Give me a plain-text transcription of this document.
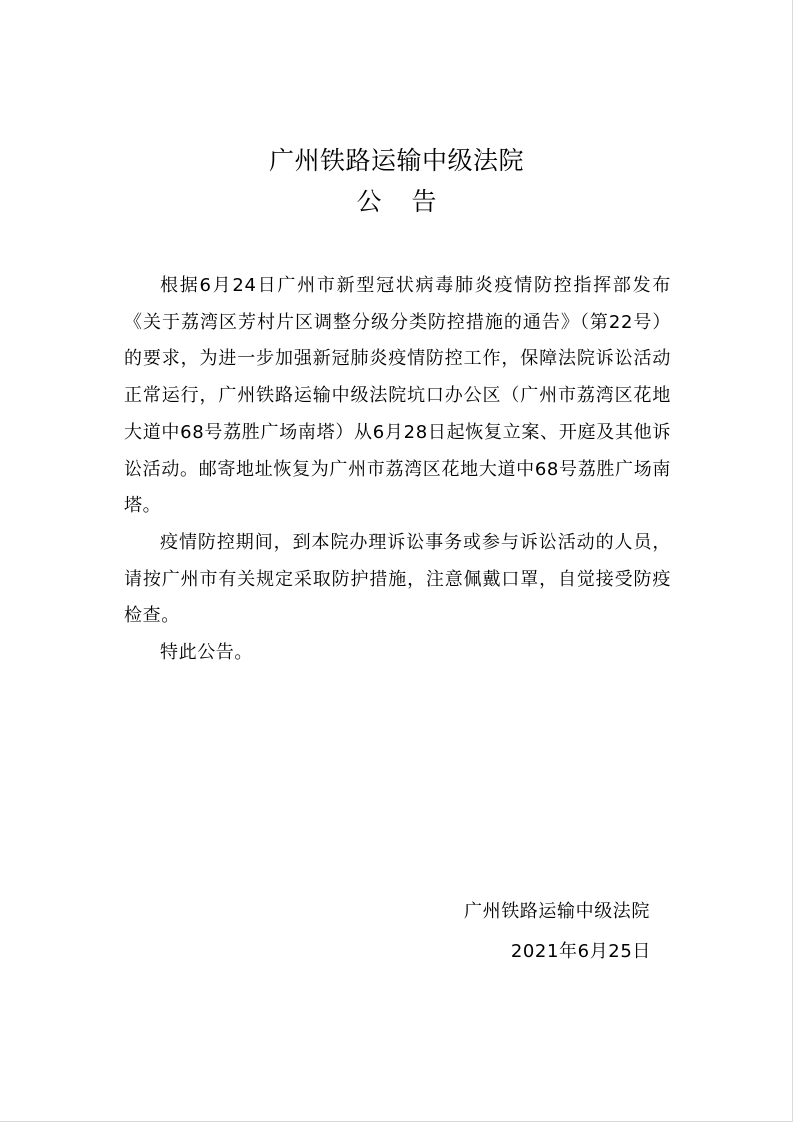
广州铁路运输中级法院
公告

根据6月24日广州市新型冠状病毒肺炎疫情防控指挥部发布《关于荔湾区芳村片区调整分级分类防控措施的通告》（第22号）的要求，为进一步加强新冠肺炎疫情防控工作，保障法院诉讼活动正常运行，广州铁路运输中级法院坑口办公区（广州市荔湾区花地大道中68号荔胜广场南塔）从6月28日起恢复立案、开庭及其他诉讼活动。邮寄地址恢复为广州市荔湾区花地大道中68号荔胜广场南塔。

疫情防控期间，到本院办理诉讼事务或参与诉讼活动的人员，请按广州市有关规定采取防护措施，注意佩戴口罩，自觉接受防疫检查。

特此公告。

广州铁路运输中级法院
2021年6月25日
